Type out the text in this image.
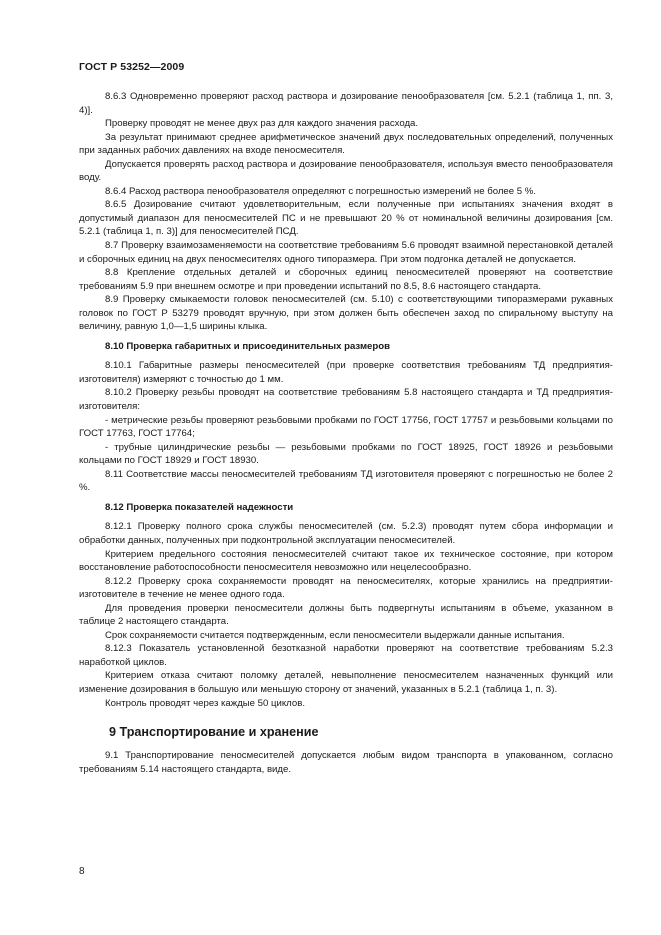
ГОСТ Р 53252—2009

8.6.3 Одновременно проверяют расход раствора и дозирование пенообразователя [см. 5.2.1 (таблица 1, пп. 3, 4)].

Проверку проводят не менее двух раз для каждого значения расхода.

За результат принимают среднее арифметическое значений двух последовательных определений, полученных при заданных рабочих давлениях на входе пеносмесителя.

Допускается проверять расход раствора и дозирование пенообразователя, используя вместо пенообразователя воду.

8.6.4 Расход раствора пенообразователя определяют с погрешностью измерений не более 5 %.

8.6.5 Дозирование считают удовлетворительным, если полученные при испытаниях значения входят в допустимый диапазон для пеносмесителей ПС и не превышают 20 % от номинальной величины дозирования [см. 5.2.1 (таблица 1, п. 3)] для пеносмесителей ПСД.

8.7 Проверку взаимозаменяемости на соответствие требованиям 5.6 проводят взаимной перестановкой деталей и сборочных единиц на двух пеносмесителях одного типоразмера. При этом подгонка деталей не допускается.

8.8 Крепление отдельных деталей и сборочных единиц пеносмесителей проверяют на соответствие требованиям 5.9 при внешнем осмотре и при проведении испытаний по 8.5, 8.6 настоящего стандарта.

8.9 Проверку смыкаемости головок пеносмесителей (см. 5.10) с соответствующими типоразмерами рукавных головок по ГОСТ Р 53279 проводят вручную, при этом должен быть обеспечен заход по спиральному выступу на величину, равную 1,0—1,5 ширины клыка.

8.10 Проверка габаритных и присоединительных размеров

8.10.1 Габаритные размеры пеносмесителей (при проверке соответствия требованиям ТД предприятия-изготовителя) измеряют с точностью до 1 мм.

8.10.2 Проверку резьбы проводят на соответствие требованиям 5.8 настоящего стандарта и ТД предприятия-изготовителя:

- метрические резьбы проверяют резьбовыми пробками по ГОСТ 17756, ГОСТ 17757 и резьбовыми кольцами по ГОСТ 17763, ГОСТ 17764;

- трубные цилиндрические резьбы — резьбовыми пробками по ГОСТ 18925, ГОСТ 18926 и резьбовыми кольцами по ГОСТ 18929 и ГОСТ 18930.

8.11 Соответствие массы пеносмесителей требованиям ТД изготовителя проверяют с погрешностью не более 2 %.

8.12 Проверка показателей надежности

8.12.1 Проверку полного срока службы пеносмесителей (см. 5.2.3) проводят путем сбора информации и обработки данных, полученных при подконтрольной эксплуатации пеносмесителей.

Критерием предельного состояния пеносмесителей считают такое их техническое состояние, при котором восстановление работоспособности пеносмесителя невозможно или нецелесообразно.

8.12.2 Проверку срока сохраняемости проводят на пеносмесителях, которые хранились на предприятии-изготовителе в течение не менее одного года.

Для проведения проверки пеносмесители должны быть подвергнуты испытаниям в объеме, указанном в таблице 2 настоящего стандарта.

Срок сохраняемости считается подтвержденным, если пеносмесители выдержали данные испытания.

8.12.3 Показатель установленной безотказной наработки проверяют на соответствие требованиям 5.2.3 наработкой циклов.

Критерием отказа считают поломку деталей, невыполнение пеносмесителем назначенных функций или изменение дозирования в большую или меньшую сторону от значений, указанных в 5.2.1 (таблица 1, п. 3).

Контроль проводят через каждые 50 циклов.

9 Транспортирование и хранение

9.1 Транспортирование пеносмесителей допускается любым видом транспорта в упакованном, согласно требованиям 5.14 настоящего стандарта, виде.

8
